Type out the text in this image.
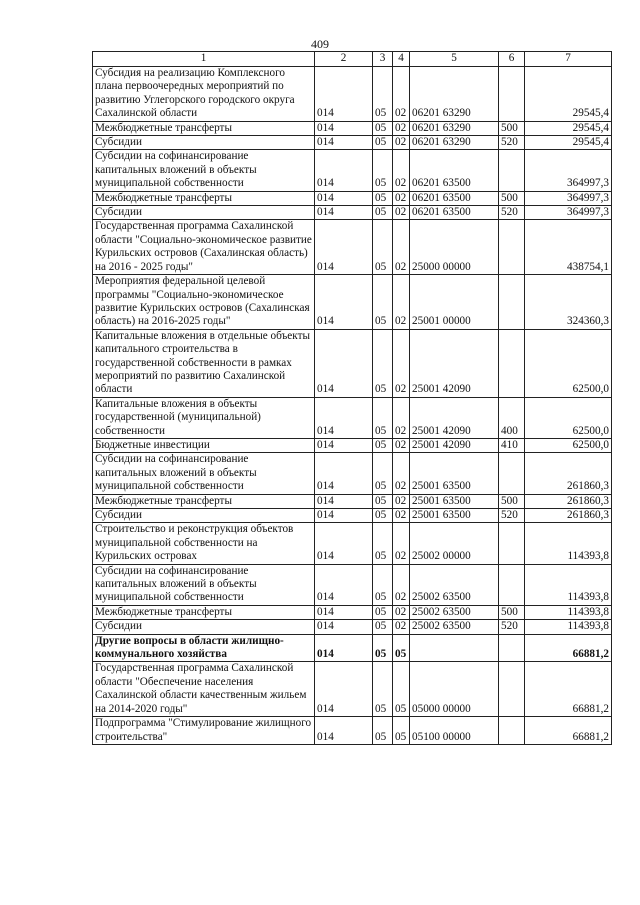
409
1	2	3	4	5	6	7
Субсидия на реализацию Комплексного плана первоочередных мероприятий по развитию Углегорского городского округа Сахалинской области	014	05	02	06201 63290		29545,4
Межбюджетные трансферты	014	05	02	06201 63290	500	29545,4
Субсидии	014	05	02	06201 63290	520	29545,4
Субсидии на софинансирование капитальных вложений в объекты муниципальной собственности	014	05	02	06201 63500		364997,3
Межбюджетные трансферты	014	05	02	06201 63500	500	364997,3
Субсидии	014	05	02	06201 63500	520	364997,3
Государственная программа Сахалинской области "Социально-экономическое развитие Курильских островов (Сахалинская область) на 2016 - 2025 годы"	014	05	02	25000 00000		438754,1
Мероприятия федеральной целевой программы "Социально-экономическое развитие Курильских островов (Сахалинская область) на 2016-2025 годы"	014	05	02	25001 00000		324360,3
Капитальные вложения в отдельные объекты капитального строительства в государственной собственности в рамках мероприятий по развитию Сахалинской области	014	05	02	25001 42090		62500,0
Капитальные вложения в объекты государственной (муниципальной) собственности	014	05	02	25001 42090	400	62500,0
Бюджетные инвестиции	014	05	02	25001 42090	410	62500,0
Субсидии на софинансирование капитальных вложений в объекты муниципальной собственности	014	05	02	25001 63500		261860,3
Межбюджетные трансферты	014	05	02	25001 63500	500	261860,3
Субсидии	014	05	02	25001 63500	520	261860,3
Строительство и реконструкция объектов муниципальной собственности на Курильских островах	014	05	02	25002 00000		114393,8
Субсидии на софинансирование капитальных вложений в объекты муниципальной собственности	014	05	02	25002 63500		114393,8
Межбюджетные трансферты	014	05	02	25002 63500	500	114393,8
Субсидии	014	05	02	25002 63500	520	114393,8
Другие вопросы в области жилищно-коммунального хозяйства	014	05	05			66881,2
Государственная программа Сахалинской области "Обеспечение населения Сахалинской области качественным жильем на 2014-2020 годы"	014	05	05	05000 00000		66881,2
Подпрограмма "Стимулирование жилищного строительства"	014	05	05	05100 00000		66881,2
